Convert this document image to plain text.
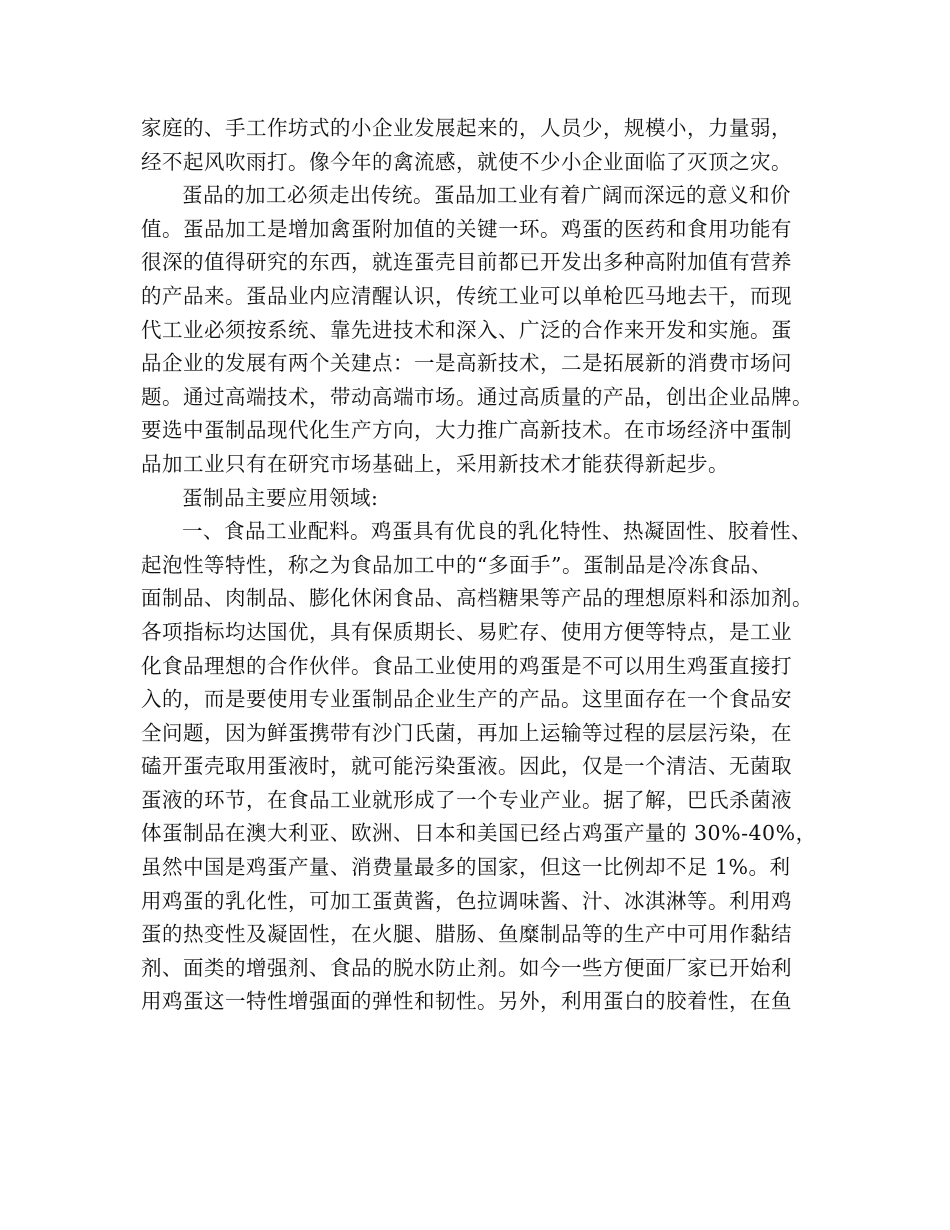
家庭的、手工作坊式的小企业发展起来的，人员少，规模小，力量弱，
经不起风吹雨打。像今年的禽流感，就使不少小企业面临了灭顶之灾。
蛋品的加工必须走出传统。蛋品加工业有着广阔而深远的意义和价
值。蛋品加工是增加禽蛋附加值的关键一环。鸡蛋的医药和食用功能有
很深的值得研究的东西，就连蛋壳目前都已开发出多种高附加值有营养
的产品来。蛋品业内应清醒认识，传统工业可以单枪匹马地去干，而现
代工业必须按系统、靠先进技术和深入、广泛的合作来开发和实施。蛋
品企业的发展有两个关建点：一是高新技术，二是拓展新的消费市场问
题。通过高端技术，带动高端市场。通过高质量的产品，创出企业品牌。
要选中蛋制品现代化生产方向，大力推广高新技术。在市场经济中蛋制
品加工业只有在研究市场基础上，采用新技术才能获得新起步。
蛋制品主要应用领域:
一、食品工业配料。鸡蛋具有优良的乳化特性、热凝固性、胶着性、
起泡性等特性，称之为食品加工中的“多面手”。蛋制品是冷冻食品、
面制品、肉制品、膨化休闲食品、高档糖果等产品的理想原料和添加剂。
各项指标均达国优，具有保质期长、易贮存、使用方便等特点，是工业
化食品理想的合作伙伴。食品工业使用的鸡蛋是不可以用生鸡蛋直接打
入的，而是要使用专业蛋制品企业生产的产品。这里面存在一个食品安
全问题，因为鲜蛋携带有沙门氏菌，再加上运输等过程的层层污染，在
磕开蛋壳取用蛋液时，就可能污染蛋液。因此，仅是一个清洁、无菌取
蛋液的环节，在食品工业就形成了一个专业产业。据了解，巴氏杀菌液
体蛋制品在澳大利亚、欧洲、日本和美国已经占鸡蛋产量的 30%-40%，
虽然中国是鸡蛋产量、消费量最多的国家，但这一比例却不足 1%。利
用鸡蛋的乳化性，可加工蛋黄酱，色拉调味酱、汁、冰淇淋等。利用鸡
蛋的热变性及凝固性，在火腿、腊肠、鱼糜制品等的生产中可用作黏结
剂、面类的增强剂、食品的脱水防止剂。如今一些方便面厂家已开始利
用鸡蛋这一特性增强面的弹性和韧性。另外，利用蛋白的胶着性，在鱼
